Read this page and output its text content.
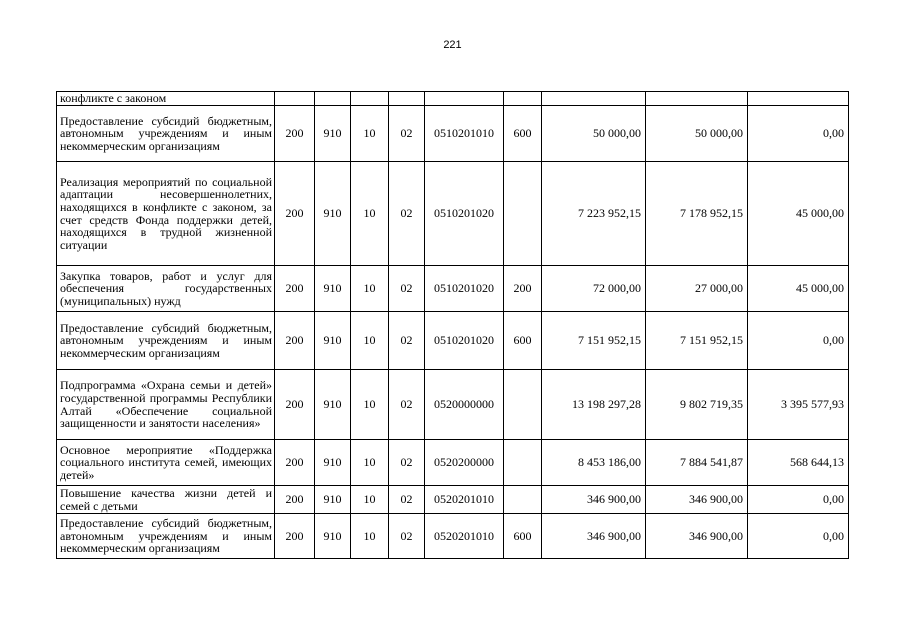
221
конфликте с законом									
Предоставление субсидий бюджетным, автономным учреждениям и иным некоммерческим организациям	200	910	10	02	0510201010	600	50 000,00	50 000,00	0,00
Реализация мероприятий по социальной адаптации несовершеннолетних, находящихся в конфликте с законом, за счет средств Фонда поддержки детей, находящихся в трудной жизненной ситуации	200	910	10	02	0510201020		7 223 952,15	7 178 952,15	45 000,00
Закупка товаров, работ и услуг для обеспечения государственных (муниципальных) нужд	200	910	10	02	0510201020	200	72 000,00	27 000,00	45 000,00
Предоставление субсидий бюджетным, автономным учреждениям и иным некоммерческим организациям	200	910	10	02	0510201020	600	7 151 952,15	7 151 952,15	0,00
Подпрограмма «Охрана семьи и детей» государственной программы Республики Алтай «Обеспечение социальной защищенности и занятости населения»	200	910	10	02	0520000000		13 198 297,28	9 802 719,35	3 395 577,93
Основное мероприятие «Поддержка социального института семей, имеющих детей»	200	910	10	02	0520200000		8 453 186,00	7 884 541,87	568 644,13
Повышение качества жизни детей и семей с детьми	200	910	10	02	0520201010		346 900,00	346 900,00	0,00
Предоставление субсидий бюджетным, автономным учреждениям и иным некоммерческим организациям	200	910	10	02	0520201010	600	346 900,00	346 900,00	0,00
